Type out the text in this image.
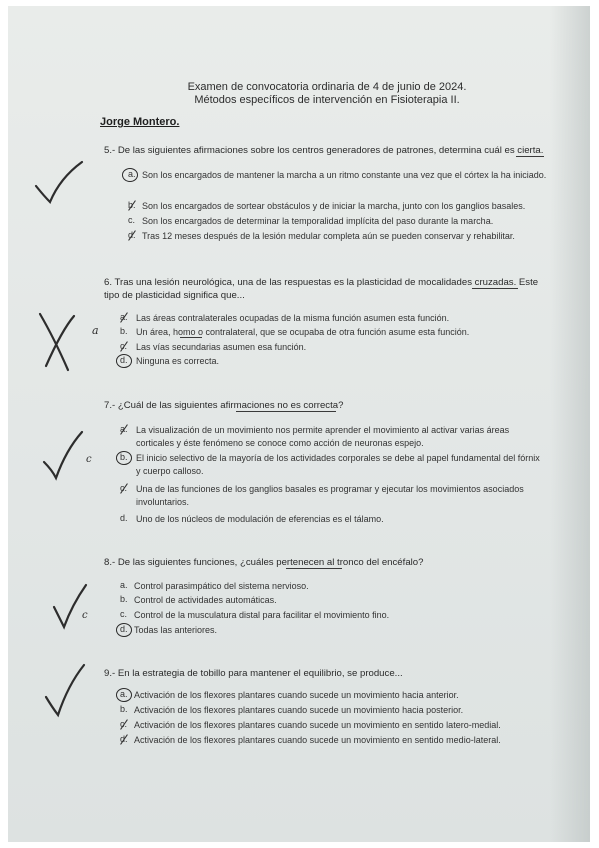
Examen de convocatoria ordinaria de 4 de junio de 2024.
Métodos específicos de intervención en Fisioterapia II.
Jorge Montero.
5.- De las siguientes afirmaciones sobre los centros generadores de patrones, determina cuál es cierta.
a. Son los encargados de mantener la marcha a un ritmo constante una vez que el córtex la ha iniciado.
b. Son los encargados de sortear obstáculos y de iniciar la marcha, junto con los ganglios basales.
c. Son los encargados de determinar la temporalidad implícita del paso durante la marcha.
d. Tras 12 meses después de la lesión medular completa aún se pueden conservar y rehabilitar.
6. Tras una lesión neurológica, una de las respuestas es la plasticidad de mocalidades cruzadas. Este tipo de plasticidad significa que...
a. Las áreas contralaterales ocupadas de la misma función asumen esta función.
b. Un área, homo o contralateral, que se ocupaba de otra función asume esta función.
c. Las vías secundarias asumen esa función.
d. Ninguna es correcta.
7.- ¿Cuál de las siguientes afirmaciones no es correcta?
a. La visualización de un movimiento nos permite aprender el movimiento al activar varias áreas corticales y éste fenómeno se conoce como acción de neuronas espejo.
b. El inicio selectivo de la mayoría de los actividades corporales se debe al papel fundamental del fórnix y cuerpo calloso.
c. Una de las funciones de los ganglios basales es programar y ejecutar los movimientos asociados involuntarios.
d. Uno de los núcleos de modulación de eferencias es el tálamo.
8.- De las siguientes funciones, ¿cuáles pertenecen al tronco del encéfalo?
a. Control parasimpático del sistema nervioso.
b. Control de actividades automáticas.
c. Control de la musculatura distal para facilitar el movimiento fino.
d. Todas las anteriores.
9.- En la estrategia de tobillo para mantener el equilibrio, se produce...
a. Activación de los flexores plantares cuando sucede un movimiento hacia anterior.
b. Activación de los flexores plantares cuando sucede un movimiento hacia posterior.
c. Activación de los flexores plantares cuando sucede un movimiento en sentido latero-medial.
d. Activación de los flexores plantares cuando sucede un movimiento en sentido medio-lateral.
a
c
c
